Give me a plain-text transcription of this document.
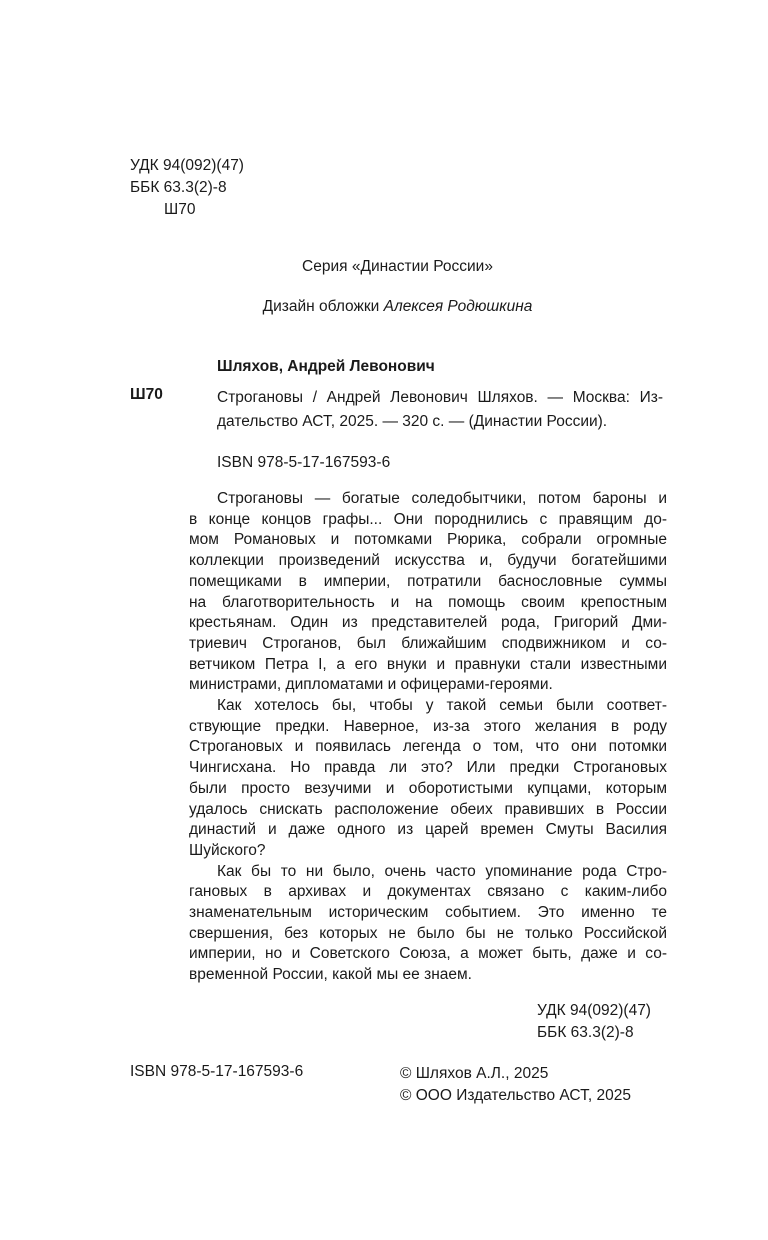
УДК 94(092)(47)
ББК 63.3(2)-8
Ш70
Серия «Династии России»
Дизайн обложки Алексея Родюшкина
Шляхов, Андрей Левонович
Ш70	Строгановы / Андрей Левонович Шляхов. — Москва: Из-
дательство АСТ, 2025. — 320 с. — (Династии России).
ISBN 978-5-17-167593-6

Строгановы — богатые соледобытчики, потом бароны и
в конце концов графы... Они породнились с правящим до-
мом Романовых и потомками Рюрика, собрали огромные
коллекции произведений искусства и, будучи богатейшими
помещиками в империи, потратили баснословные суммы
на благотворительность и на помощь своим крепостным
крестьянам. Один из представителей рода, Григорий Дми-
триевич Строганов, был ближайшим сподвижником и со-
ветчиком Петра I, а его внуки и правнуки стали известными
министрами, дипломатами и офицерами-героями.

Как хотелось бы, чтобы у такой семьи были соответ-
ствующие предки. Наверное, из-за этого желания в роду
Строгановых и появилась легенда о том, что они потомки
Чингисхана. Но правда ли это? Или предки Строгановых
были просто везучими и оборотистыми купцами, которым
удалось снискать расположение обеих правивших в России
династий и даже одного из царей времен Смуты Василия
Шуйского?

Как бы то ни было, очень часто упоминание рода Стро-
гановых в архивах и документах связано с каким-либо
знаменательным историческим событием. Это именно те
свершения, без которых не было бы не только Российской
империи, но и Советского Союза, а может быть, даже и со-
временной России, какой мы ее знаем.

УДК 94(092)(47)
ББК 63.3(2)-8
ISBN 978-5-17-167593-6	© Шляхов А.Л., 2025
© ООО Издательство АСТ, 2025
